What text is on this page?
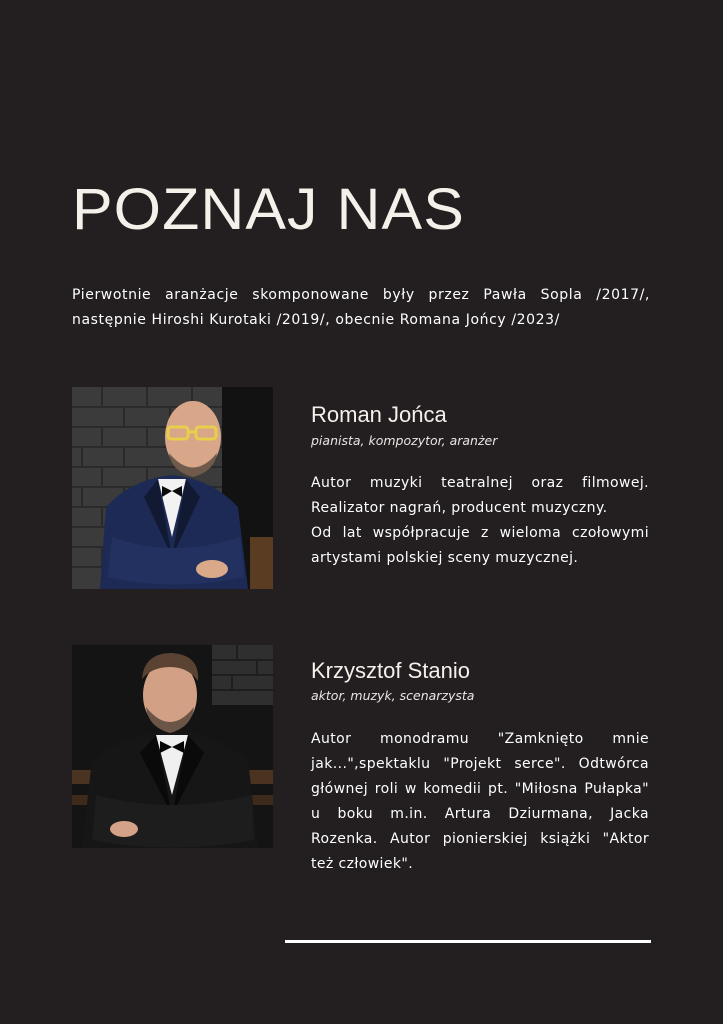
POZNAJ NAS

Pierwotnie aranżacje skomponowane były przez Pawła Sopla /2017/, następnie Hiroshi Kurotaki /2019/, obecnie Romana Jońcy /2023/

Roman Jońca
pianista, kompozytor, aranżer
Autor muzyki teatralnej oraz filmowej.
Realizator nagrań, producent muzyczny.
Od lat współpracuje z wieloma czołowymi
artystami polskiej sceny muzycznej.
Krzysztof Stanio
aktor, muzyk, scenarzysta
Autor monodramu "Zamknięto mnie
jak...",spektaklu "Projekt serce". Odtwórca
głównej roli w komedii pt. "Miłosna Pułapka"
u boku m.in. Artura Dziurmana, Jacka
Rozenka. Autor pionierskiej książki "Aktor
też człowiek".
